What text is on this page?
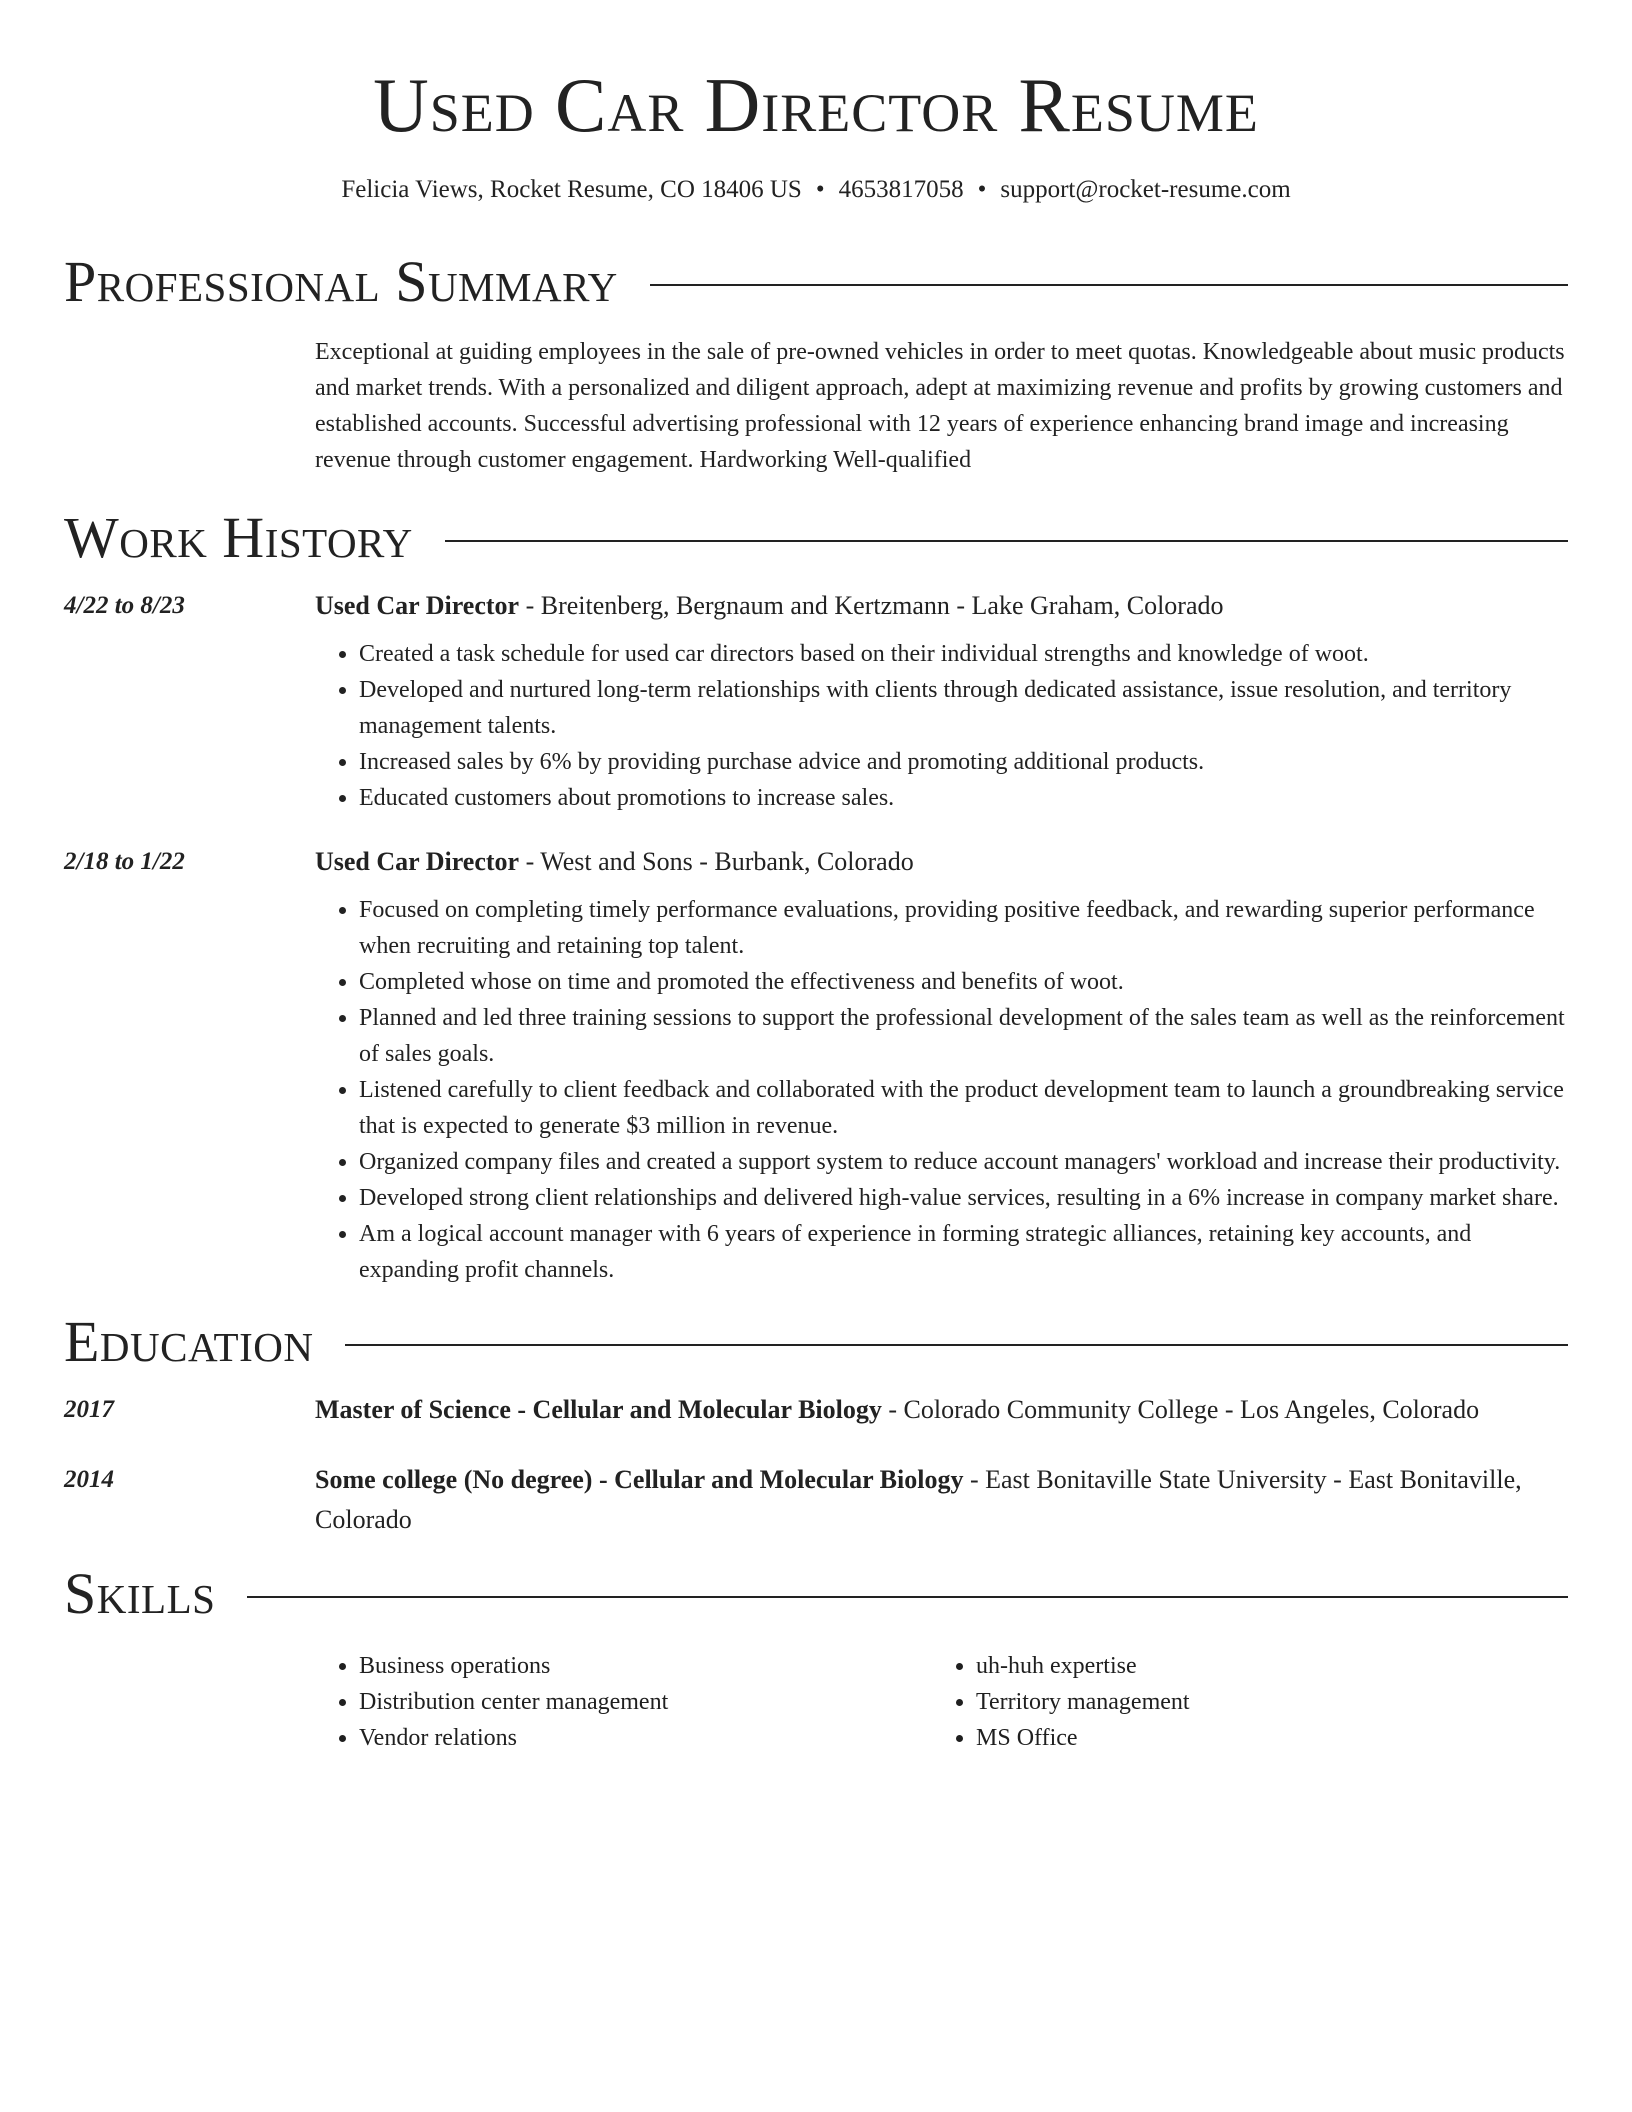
Used Car Director Resume
Felicia Views, Rocket Resume, CO 18406 US • 4653817058 • support@rocket-resume.com
Professional Summary

Exceptional at guiding employees in the sale of pre-owned vehicles in order to meet quotas. Knowledgeable about music products and market trends. With a personalized and diligent approach, adept at maximizing revenue and profits by growing customers and established accounts. Successful advertising professional with 12 years of experience enhancing brand image and increasing revenue through customer engagement. Hardworking Well-qualified

Work History
4/22 to 8/23	Used Car Director - Breitenberg, Bergnaum and Kertzmann - Lake Graham, Colorado
• Created a task schedule for used car directors based on their individual strengths and knowledge of woot.
• Developed and nurtured long-term relationships with clients through dedicated assistance, issue resolution, and territory management talents.
• Increased sales by 6% by providing purchase advice and promoting additional products.
• Educated customers about promotions to increase sales.
2/18 to 1/22	Used Car Director - West and Sons - Burbank, Colorado
• Focused on completing timely performance evaluations, providing positive feedback, and rewarding superior performance when recruiting and retaining top talent.
• Completed whose on time and promoted the effectiveness and benefits of woot.
• Planned and led three training sessions to support the professional development of the sales team as well as the reinforcement of sales goals.
• Listened carefully to client feedback and collaborated with the product development team to launch a groundbreaking service that is expected to generate $3 million in revenue.
• Organized company files and created a support system to reduce account managers' workload and increase their productivity.
• Developed strong client relationships and delivered high-value services, resulting in a 6% increase in company market share.
• Am a logical account manager with 6 years of experience in forming strategic alliances, retaining key accounts, and expanding profit channels.
Education
2017	Master of Science - Cellular and Molecular Biology - Colorado Community College - Los Angeles, Colorado
2014	Some college (No degree) - Cellular and Molecular Biology - East Bonitaville State University - East Bonitaville, Colorado
Skills
• Business operations
• Distribution center management
• Vendor relations
• uh-huh expertise
• Territory management
• MS Office
